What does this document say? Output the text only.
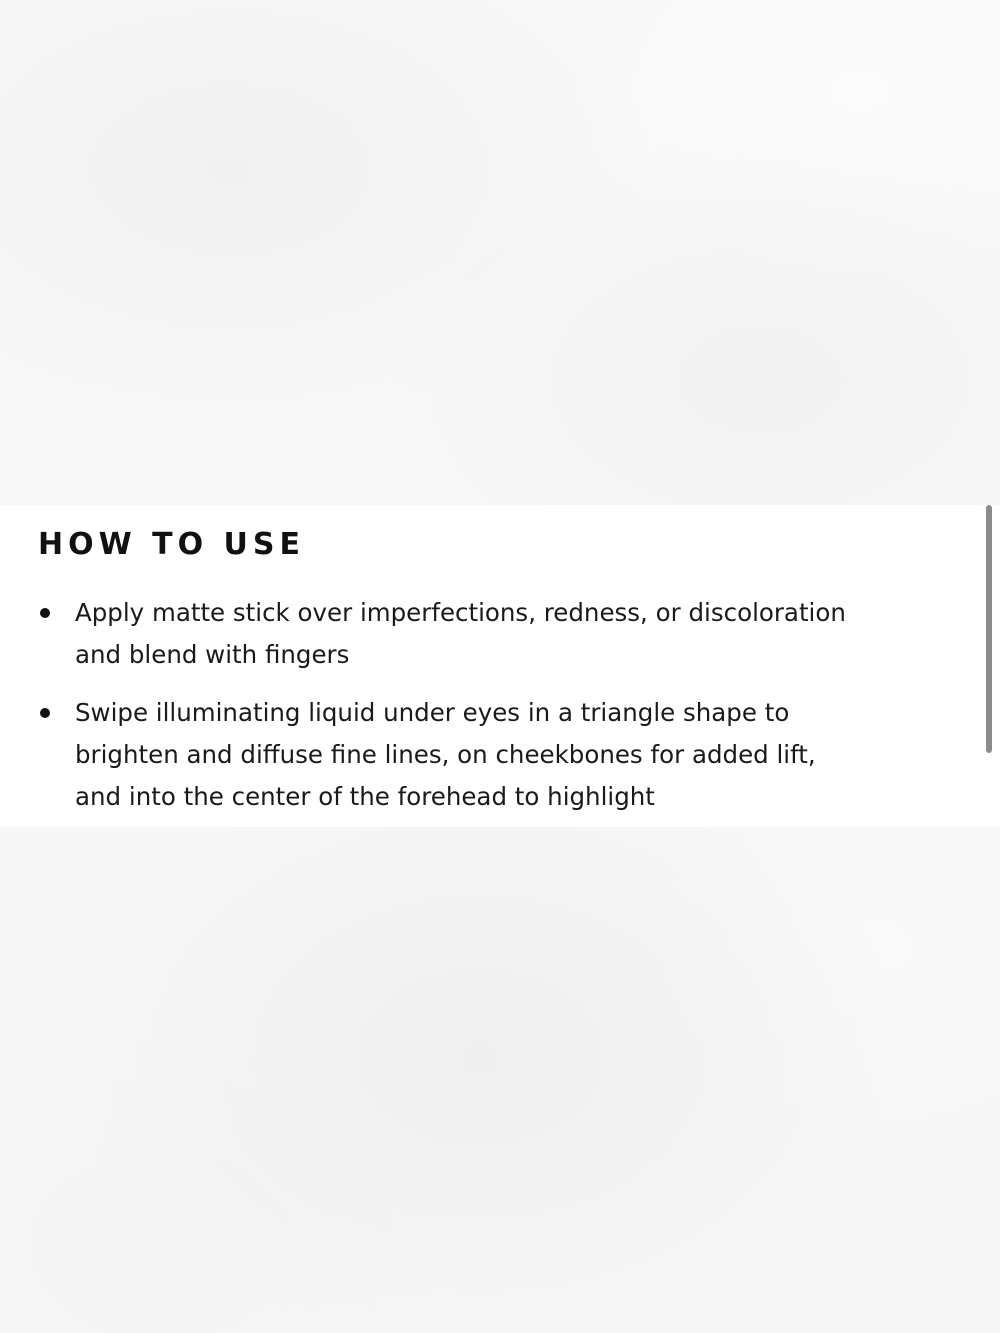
HOW TO USE
Apply matte stick over imperfections, redness, or discoloration
and blend with fingers
Swipe illuminating liquid under eyes in a triangle shape to
brighten and diffuse fine lines, on cheekbones for added lift,
and into the center of the forehead to highlight
